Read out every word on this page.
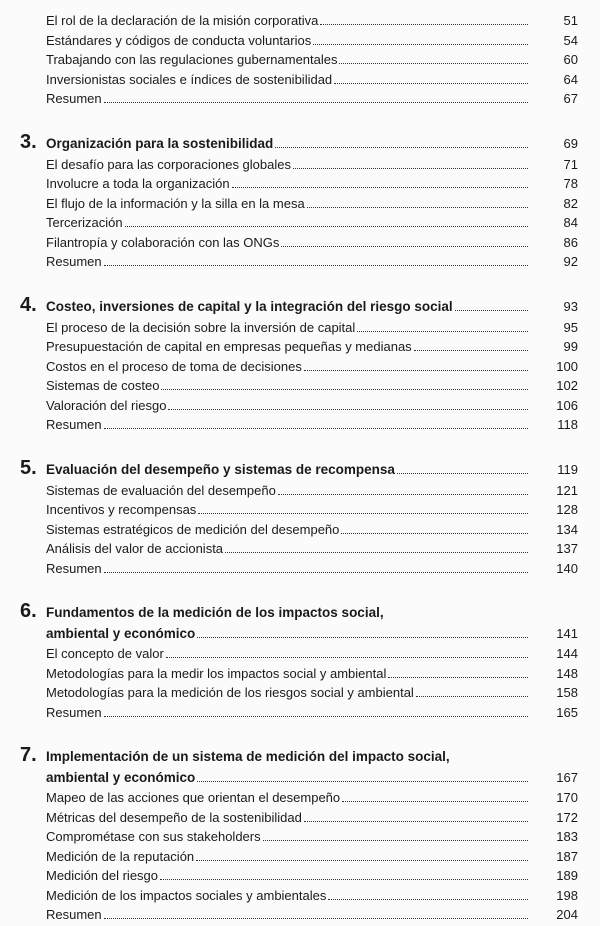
El rol de la declaración de la misión corporativa	51
Estándares y códigos de conducta voluntarios	54
Trabajando con las regulaciones gubernamentales	60
Inversionistas sociales e índices de sostenibilidad	64
Resumen	67
3. Organización para la sostenibilidad	69
El desafío para las corporaciones globales	71
Involucre a toda la organización	78
El flujo de la información y la silla en la mesa	82
Tercerización	84
Filantropía y colaboración con las ONGs	86
Resumen	92
4. Costeo, inversiones de capital y la integración del riesgo social	93
El proceso de la decisión sobre la inversión de capital	95
Presupuestación de capital en empresas pequeñas y medianas	99
Costos en el proceso de toma de decisiones	100
Sistemas de costeo	102
Valoración del riesgo	106
Resumen	118
5. Evaluación del desempeño y sistemas de recompensa	119
Sistemas de evaluación del desempeño	121
Incentivos y recompensas	128
Sistemas estratégicos de medición del desempeño	134
Análisis del valor de accionista	137
Resumen	140
6. Fundamentos de la medición de los impactos social,
ambiental y económico	141
El concepto de valor	144
Metodologías para la medir los impactos social y ambiental	148
Metodologías para la medición de los riesgos social y ambiental	158
Resumen	165
7. Implementación de un sistema de medición del impacto social,
ambiental y económico	167
Mapeo de las acciones que orientan el desempeño	170
Métricas del desempeño de la sostenibilidad	172
Comprométase con sus stakeholders	183
Medición de la reputación	187
Medición del riesgo	189
Medición de los impactos sociales y ambientales	198
Resumen	204
